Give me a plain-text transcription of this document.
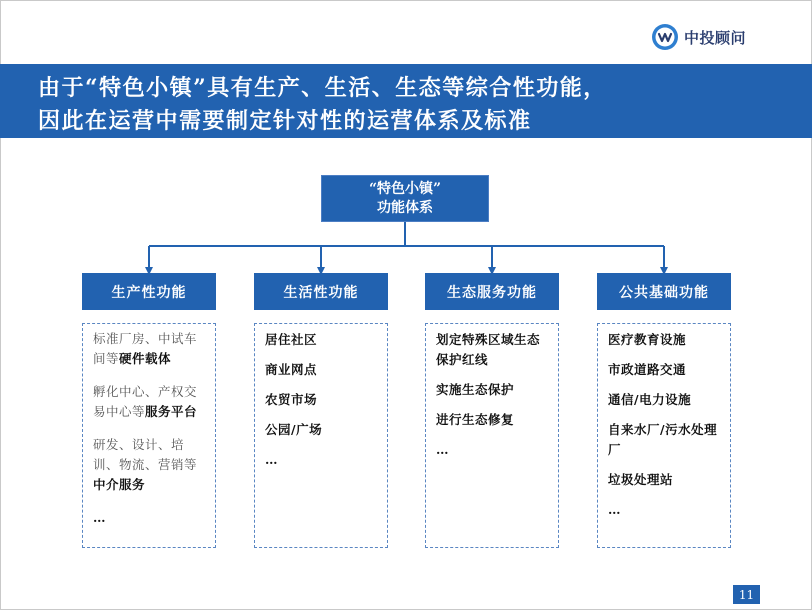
中投顾问
由于“特色小镇”具有生产、生活、生态等综合性功能，
因此在运营中需要制定针对性的运营体系及标准
“特色小镇”
功能体系
生产性功能
标准厂房、中试车间等硬件载体
孵化中心、产权交易中心等服务平台
研发、设计、培训、物流、营销等中介服务
…
生活性功能
居住社区
商业网点
农贸市场
公园/广场
…
生态服务功能
划定特殊区域生态保护红线
实施生态保护
进行生态修复
…
公共基础功能
医疗教育设施
市政道路交通
通信/电力设施
自来水厂/污水处理厂
垃圾处理站
…
11
